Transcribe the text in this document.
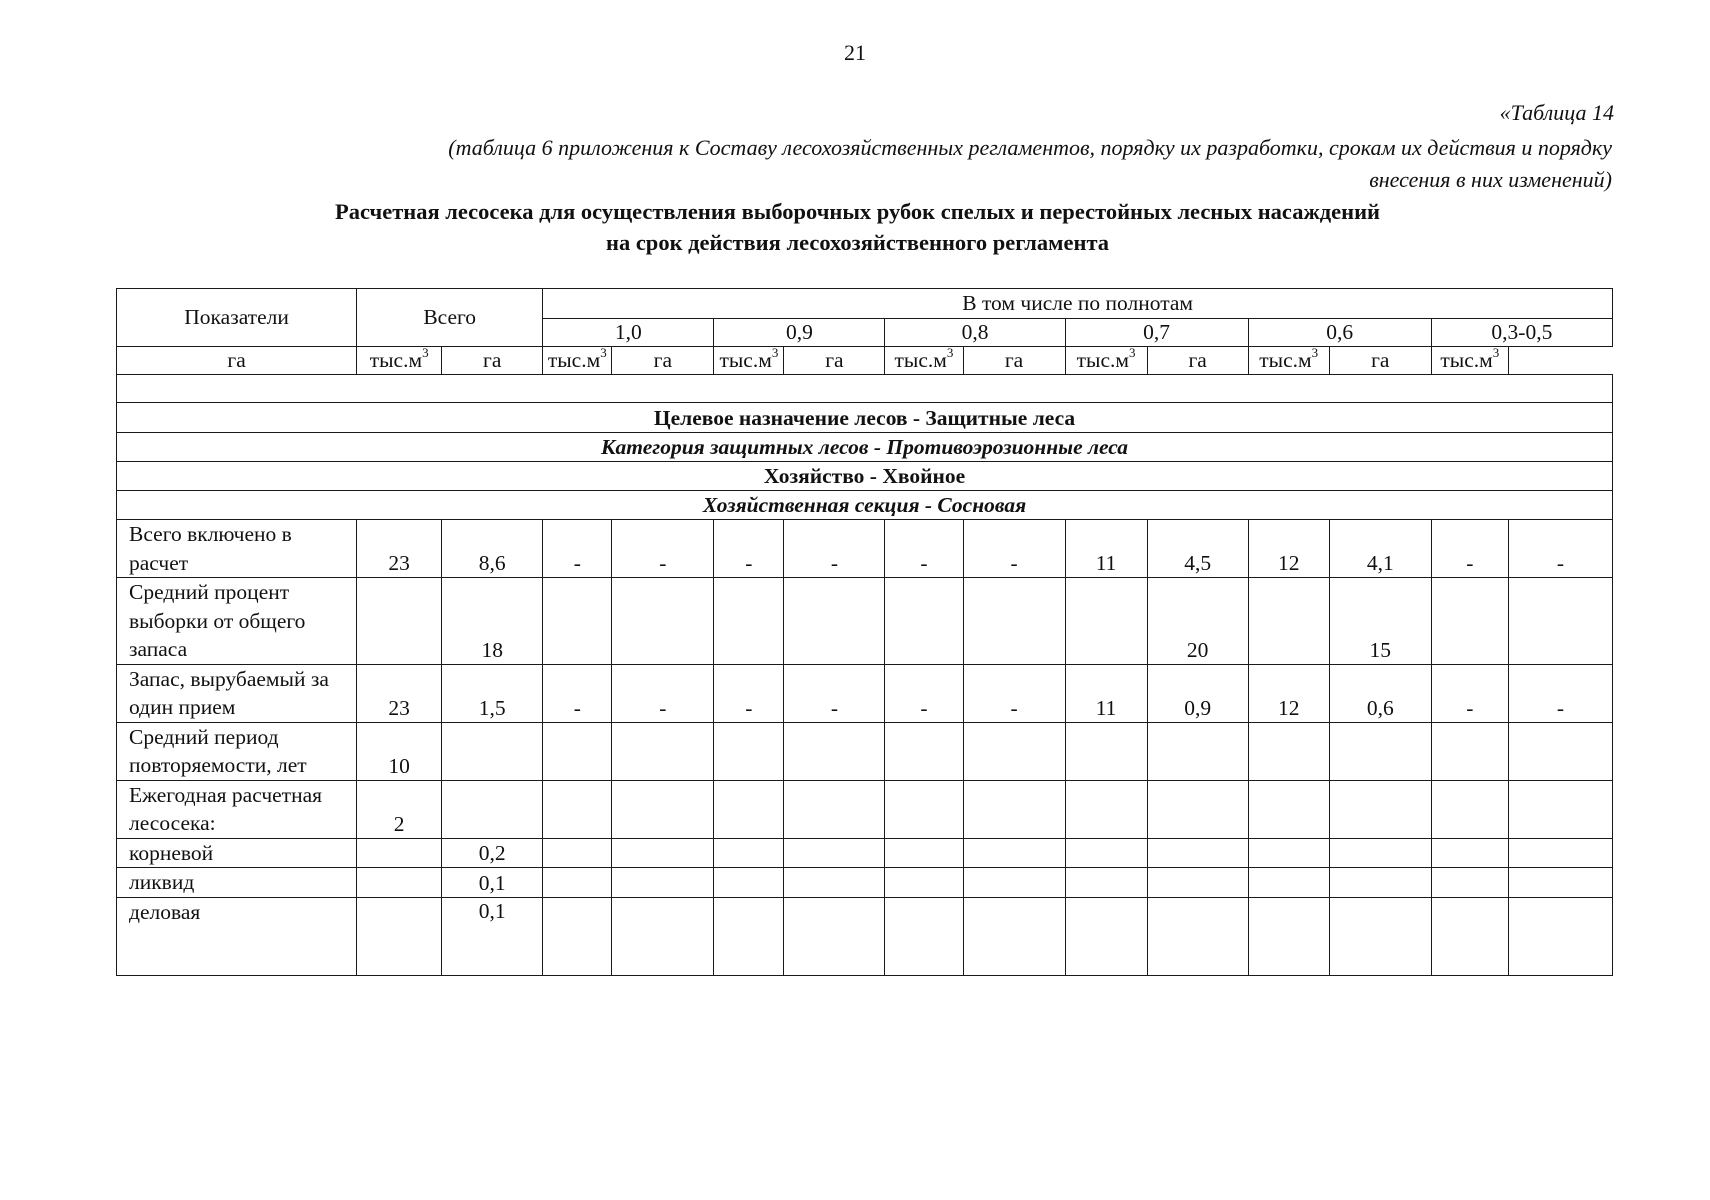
21
«Таблица 14
(таблица 6 приложения к Составу лесохозяйственных регламентов, порядку их разработки, срокам их действия и порядку
внесения в них изменений)
Расчетная лесосека для осуществления выборочных рубок спелых и перестойных лесных насаждений
на срок действия лесохозяйственного регламента
Показатели	Всего		В том числе по полнотам											
			1,0		0,9		0,8		0,7		0,6		0,3-0,5	
га	$тыс.м^3$	га	$тыс.м^3$	га	$тыс.м^3$	га	$тыс.м^3$	га	$тыс.м^3$	га	$тыс.м^3$	га	$тыс.м^3$

Целевое назначение лесов - Защитные леса														
Категория защитных лесов - Противоэрозионные леса														
Хозяйство - Хвойное														
Хозяйственная секция - Сосновая														
Всего включено в расчет	23	8,6	-	-	-	-	-	-	11	4,5	12	4,1	-	-
Средний процент выборки от общего запаса		18								20		15		
Запас, вырубаемый за один прием	23	1,5	-	-	-	-	-	-	11	0,9	12	0,6	-	-
Средний период повторяемости, лет	10													
Ежегодная расчетная лесосека:	2													
корневой		0,2												
ликвид		0,1												
деловая		0,1												
